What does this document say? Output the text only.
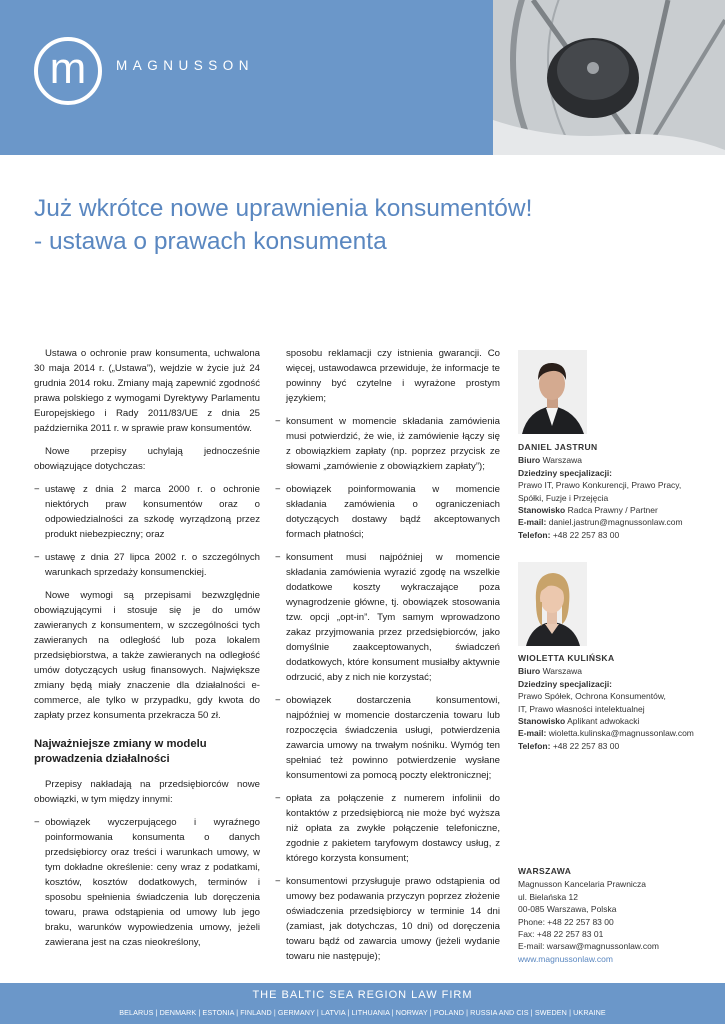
m	MAGNUSSON
Już wkrótce nowe uprawnienia konsumentów!
- ustawa o prawach konsumenta

Ustawa o ochronie praw konsumenta, uchwalona 30 maja 2014 r. („Ustawa”), wejdzie w życie już 24 grudnia 2014 roku. Zmiany mają zapewnić zgodność prawa polskiego z wymogami Dyrektywy Parlamentu Europejskiego i Rady 2011/83/UE z dnia 25 października 2011 r. w sprawie praw konsumentów.

Nowe przepisy uchylają jednocześnie obowiązujące dotychczas:

− ustawę z dnia 2 marca 2000 r. o ochronie niektórych praw konsumentów oraz o odpowiedzialności za szkodę wyrządzoną przez produkt niebezpieczny; oraz
− ustawę z dnia 27 lipca 2002 r. o szczególnych warunkach sprzedaży konsumenckiej.

Nowe wymogi są przepisami bezwzględnie obowiązującymi i stosuje się je do umów zawieranych z konsumentem, w szczególności tych zawieranych na odległość lub poza lokalem przedsiębiorstwa, a także zawieranych na odległość umów dotyczących usług finansowych. Największe zmiany będą miały znaczenie dla działalności e-commerce, ale tylko w przypadku, gdy kwota do zapłaty przez konsumenta przekracza 50 zł.

Najważniejsze zmiany w modelu prowadzenia działalności

Przepisy nakładają na przedsiębiorców nowe obowiązki, w tym między innymi:

− obowiązek wyczerpującego i wyraźnego poinformowania konsumenta o danych przedsiębiorcy oraz treści i warunkach umowy, w tym dokładne określenie: ceny wraz z podatkami, kosztów, kosztów dodatkowych, terminów i sposobu spełnienia świadczenia lub doręczenia towaru, prawa odstąpienia od umowy lub jego braku, warunków wypowiedzenia umowy, jeżeli zawierana jest na czas nieokreślony,

sposobu reklamacji czy istnienia gwarancji. Co więcej, ustawodawca przewiduje, że informacje te powinny być czytelne i wyrażone prostym językiem;

− konsument w momencie składania zamówienia musi potwierdzić, że wie, iż zamówienie łączy się z obowiązkiem zapłaty (np. poprzez przycisk ze słowami „zamówienie z obowiązkiem zapłaty”);
− obowiązek poinformowania w momencie składania zamówienia o ograniczeniach dotyczących dostawy bądź akceptowanych formach płatności;
− konsument musi najpóźniej w momencie składania zamówienia wyrazić zgodę na wszelkie dodatkowe koszty wykraczające poza wynagrodzenie główne, tj. obowiązek stosowania tzw. opcji „opt-in”. Tym samym wprowadzono zakaz przyjmowania przez przedsiębiorców, jako domyślnie zaakceptowanych, świadczeń dodatkowych, które konsument musiałby aktywnie odrzucić, aby z nich nie korzystać;
− obowiązek dostarczenia konsumentowi, najpóźniej w momencie dostarczenia towaru lub rozpoczęcia świadczenia usługi, potwierdzenia zawarcia umowy na trwałym nośniku. Wymóg ten spełniać też powinno potwierdzenie wysłane konsumentowi za pomocą poczty elektronicznej;
− opłata za połączenie z numerem infolinii do kontaktów z przedsiębiorcą nie może być wyższa niż opłata za zwykłe połączenie telefoniczne, zgodnie z pakietem taryfowym dostawcy usług, z którego korzysta konsument;
− konsumentowi przysługuje prawo odstąpienia od umowy bez podawania przyczyn poprzez złożenie oświadczenia przedsiębiorcy w terminie 14 dni (zamiast, jak dotychczas, 10 dni) od doręczenia towaru bądź od zawarcia umowy (jeżeli wydanie towaru nie następuje);
DANIEL JASTRUN
Biuro Warszawa
Dziedziny specjalizacji:
Prawo IT, Prawo Konkurencji, Prawo Pracy,
Spółki, Fuzje i Przejęcia
Stanowisko Radca Prawny / Partner
E-mail: daniel.jastrun@magnussonlaw.com
Telefon: +48 22 257 83 00
WIOLETTA KULIŃSKA
Biuro Warszawa
Dziedziny specjalizacji:
Prawo Spółek, Ochrona Konsumentów,
IT, Prawo własności intelektualnej
Stanowisko Aplikant adwokacki
E-mail: wioletta.kulinska@magnussonlaw.com
Telefon: +48 22 257 83 00
WARSZAWA
Magnusson Kancelaria Prawnicza
ul. Bielańska 12
00-085 Warszawa, Polska
Phone: +48 22 257 83 00
Fax: +48 22 257 83 01
E-mail: warsaw@magnussonlaw.com
www.magnussonlaw.com
THE BALTIC SEA REGION LAW FIRM
BELARUS | DENMARK | ESTONIA | FINLAND | GERMANY | LATVIA | LITHUANIA | NORWAY | POLAND | RUSSIA AND CIS | SWEDEN | UKRAINE
